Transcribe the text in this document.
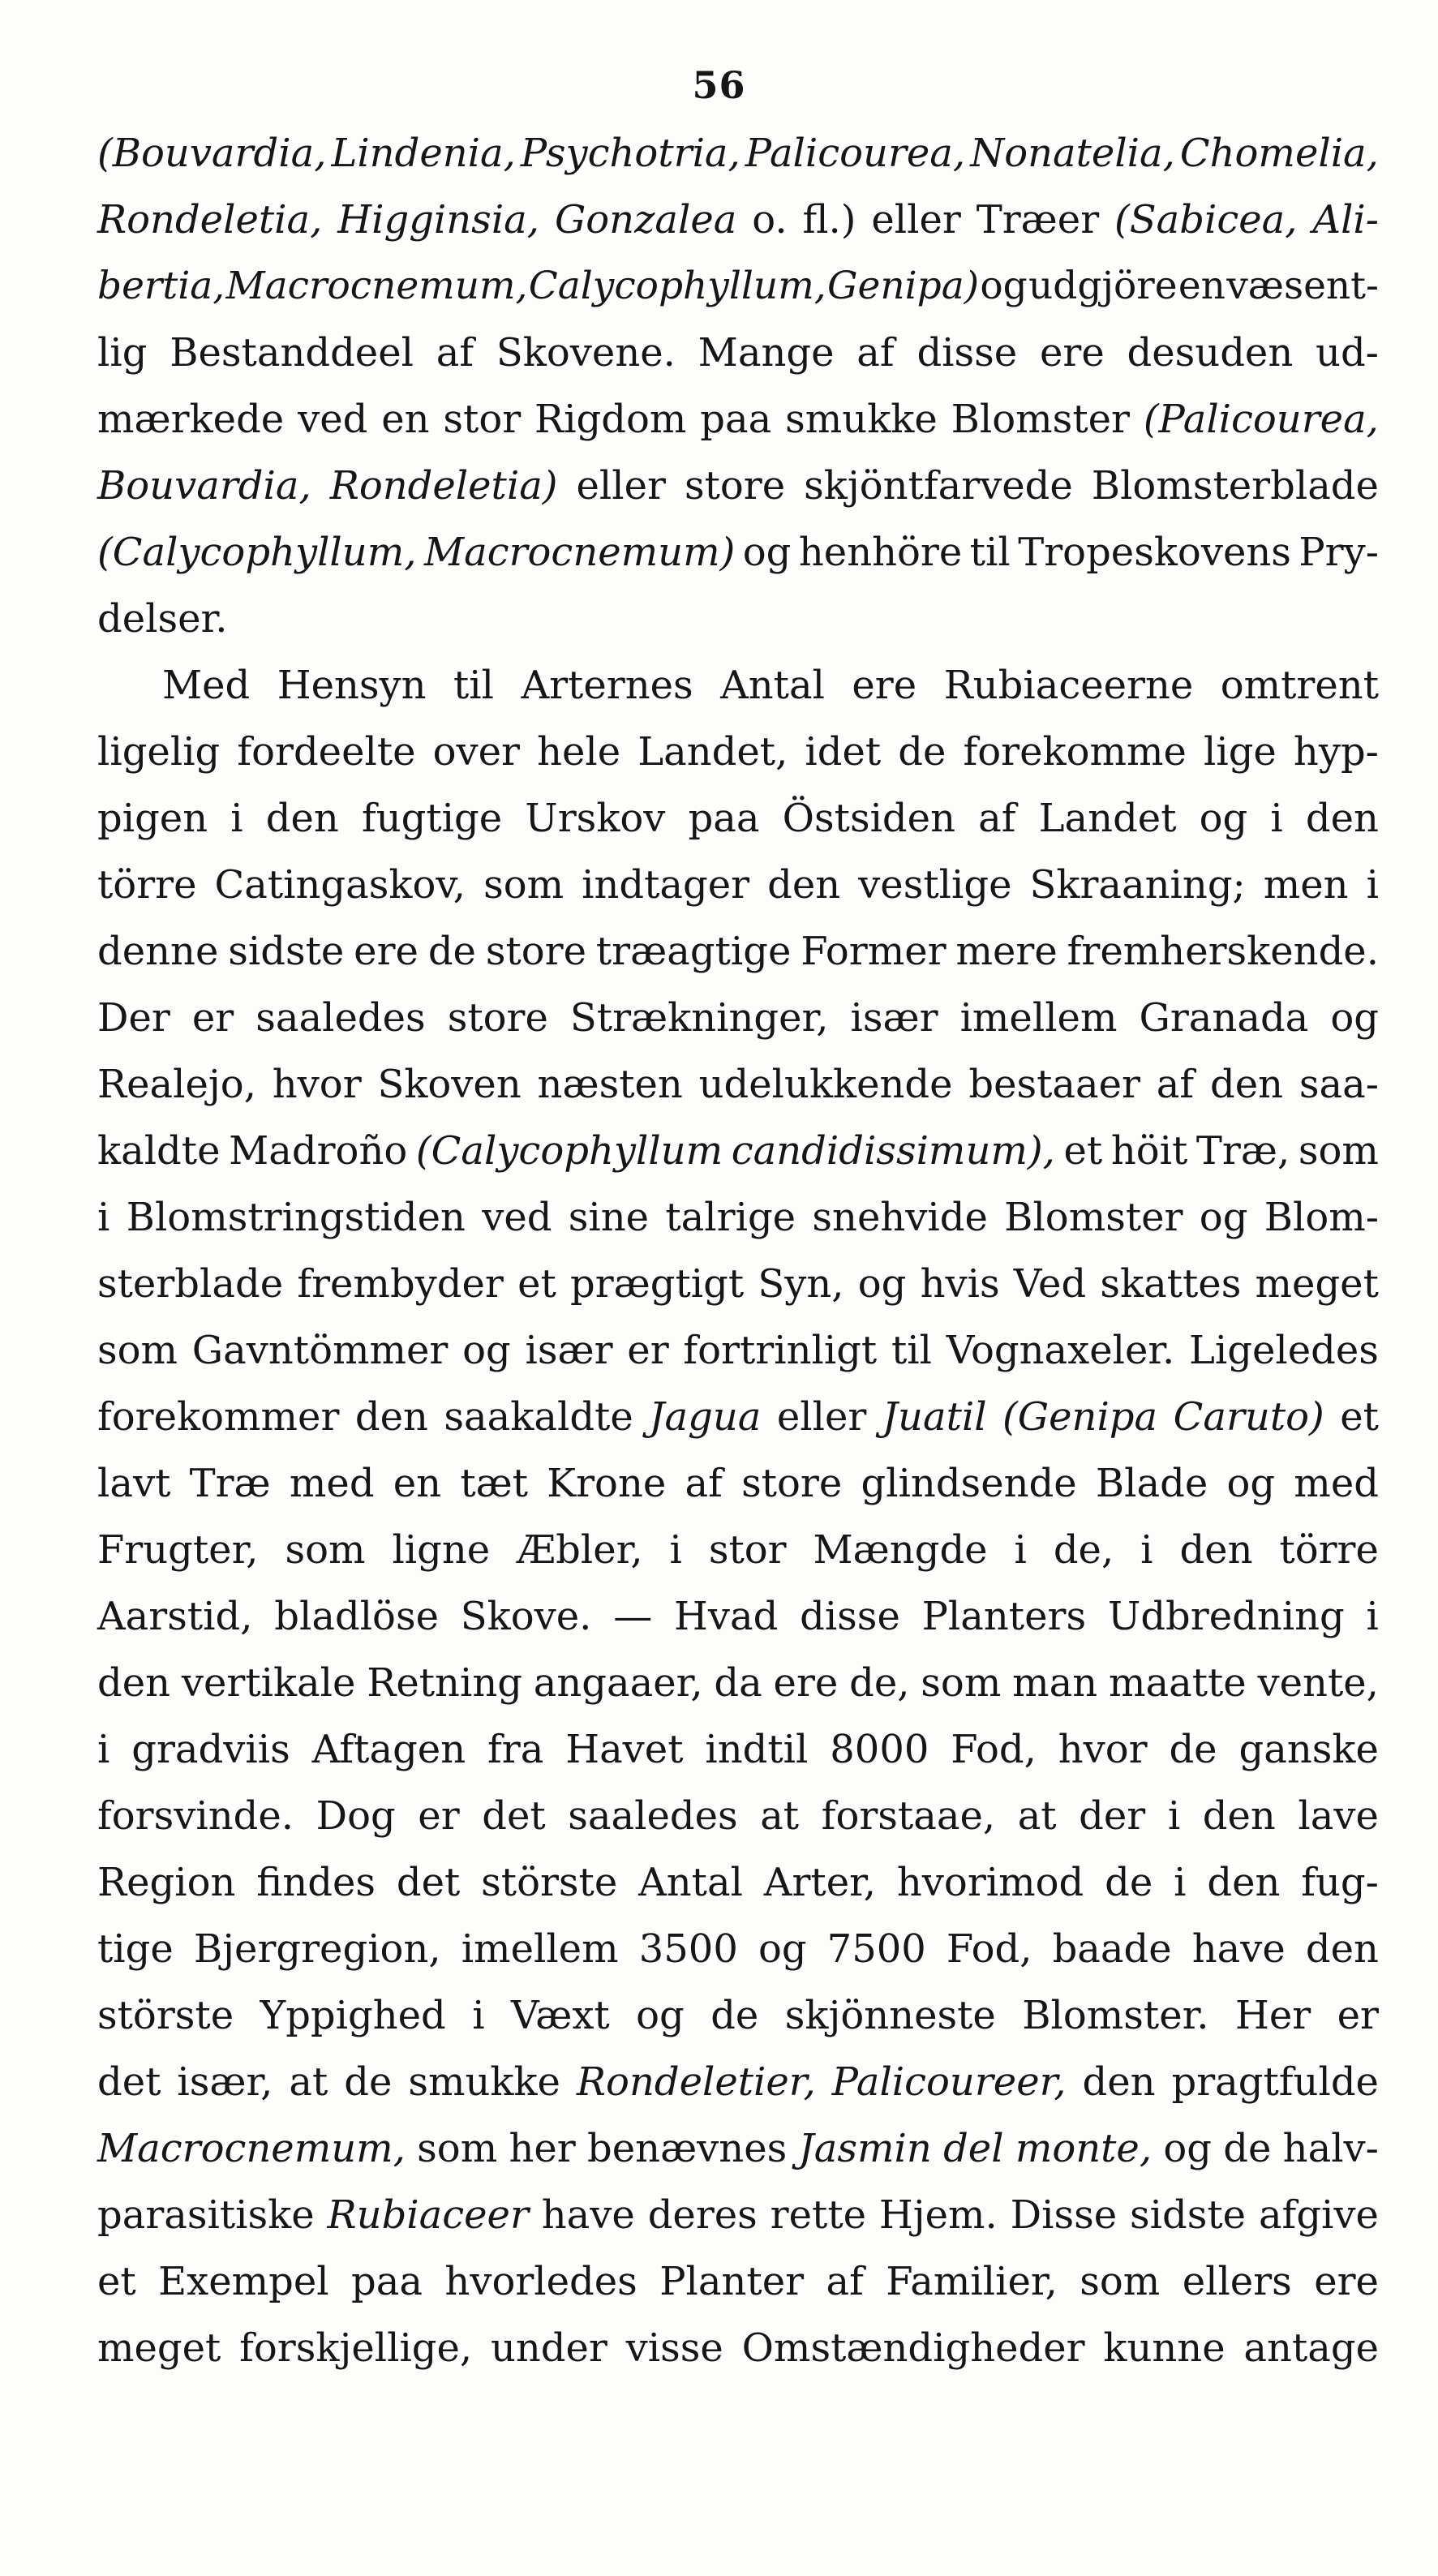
56
(Bouvardia, Lindenia, Psychotria, Palicourea, Nonatelia, Chomelia,
Rondeletia, Higginsia, Gonzalea o. fl.) eller Træer (Sabicea, Ali-
bertia, Macrocnemum, Calycophyllum, Genipa) og udgjöre en væsent-
lig Bestanddeel af Skovene. Mange af disse ere desuden ud-
mærkede ved en stor Rigdom paa smukke Blomster (Palicourea,
Bouvardia, Rondeletia) eller store skjöntfarvede Blomsterblade
(Calycophyllum, Macrocnemum) og henhöre til Tropeskovens Pry-
delser.
Med Hensyn til Arternes Antal ere Rubiaceerne omtrent
ligelig fordeelte over hele Landet, idet de forekomme lige hyp-
pigen i den fugtige Urskov paa Östsiden af Landet og i den
törre Catingaskov, som indtager den vestlige Skraaning; men i
denne sidste ere de store træagtige Former mere fremherskende.
Der er saaledes store Strækninger, især imellem Granada og
Realejo, hvor Skoven næsten udelukkende bestaaer af den saa-
kaldte Madroño (Calycophyllum candidissimum), et höit Træ, som
i Blomstringstiden ved sine talrige snehvide Blomster og Blom-
sterblade frembyder et prægtigt Syn, og hvis Ved skattes meget
som Gavntömmer og især er fortrinligt til Vognaxeler. Ligeledes
forekommer den saakaldte Jagua eller Juatil (Genipa Caruto) et
lavt Træ med en tæt Krone af store glindsende Blade og med
Frugter, som ligne Æbler, i stor Mængde i de, i den törre
Aarstid, bladlöse Skove. — Hvad disse Planters Udbredning i
den vertikale Retning angaaer, da ere de, som man maatte vente,
i gradviis Aftagen fra Havet indtil 8000 Fod, hvor de ganske
forsvinde. Dog er det saaledes at forstaae, at der i den lave
Region findes det störste Antal Arter, hvorimod de i den fug-
tige Bjergregion, imellem 3500 og 7500 Fod, baade have den
störste Yppighed i Væxt og de skjönneste Blomster. Her er
det især, at de smukke Rondeletier, Palicoureer, den pragtfulde
Macrocnemum, som her benævnes Jasmin del monte, og de halv-
parasitiske Rubiaceer have deres rette Hjem. Disse sidste afgive
et Exempel paa hvorledes Planter af Familier, som ellers ere
meget forskjellige, under visse Omstændigheder kunne antage
